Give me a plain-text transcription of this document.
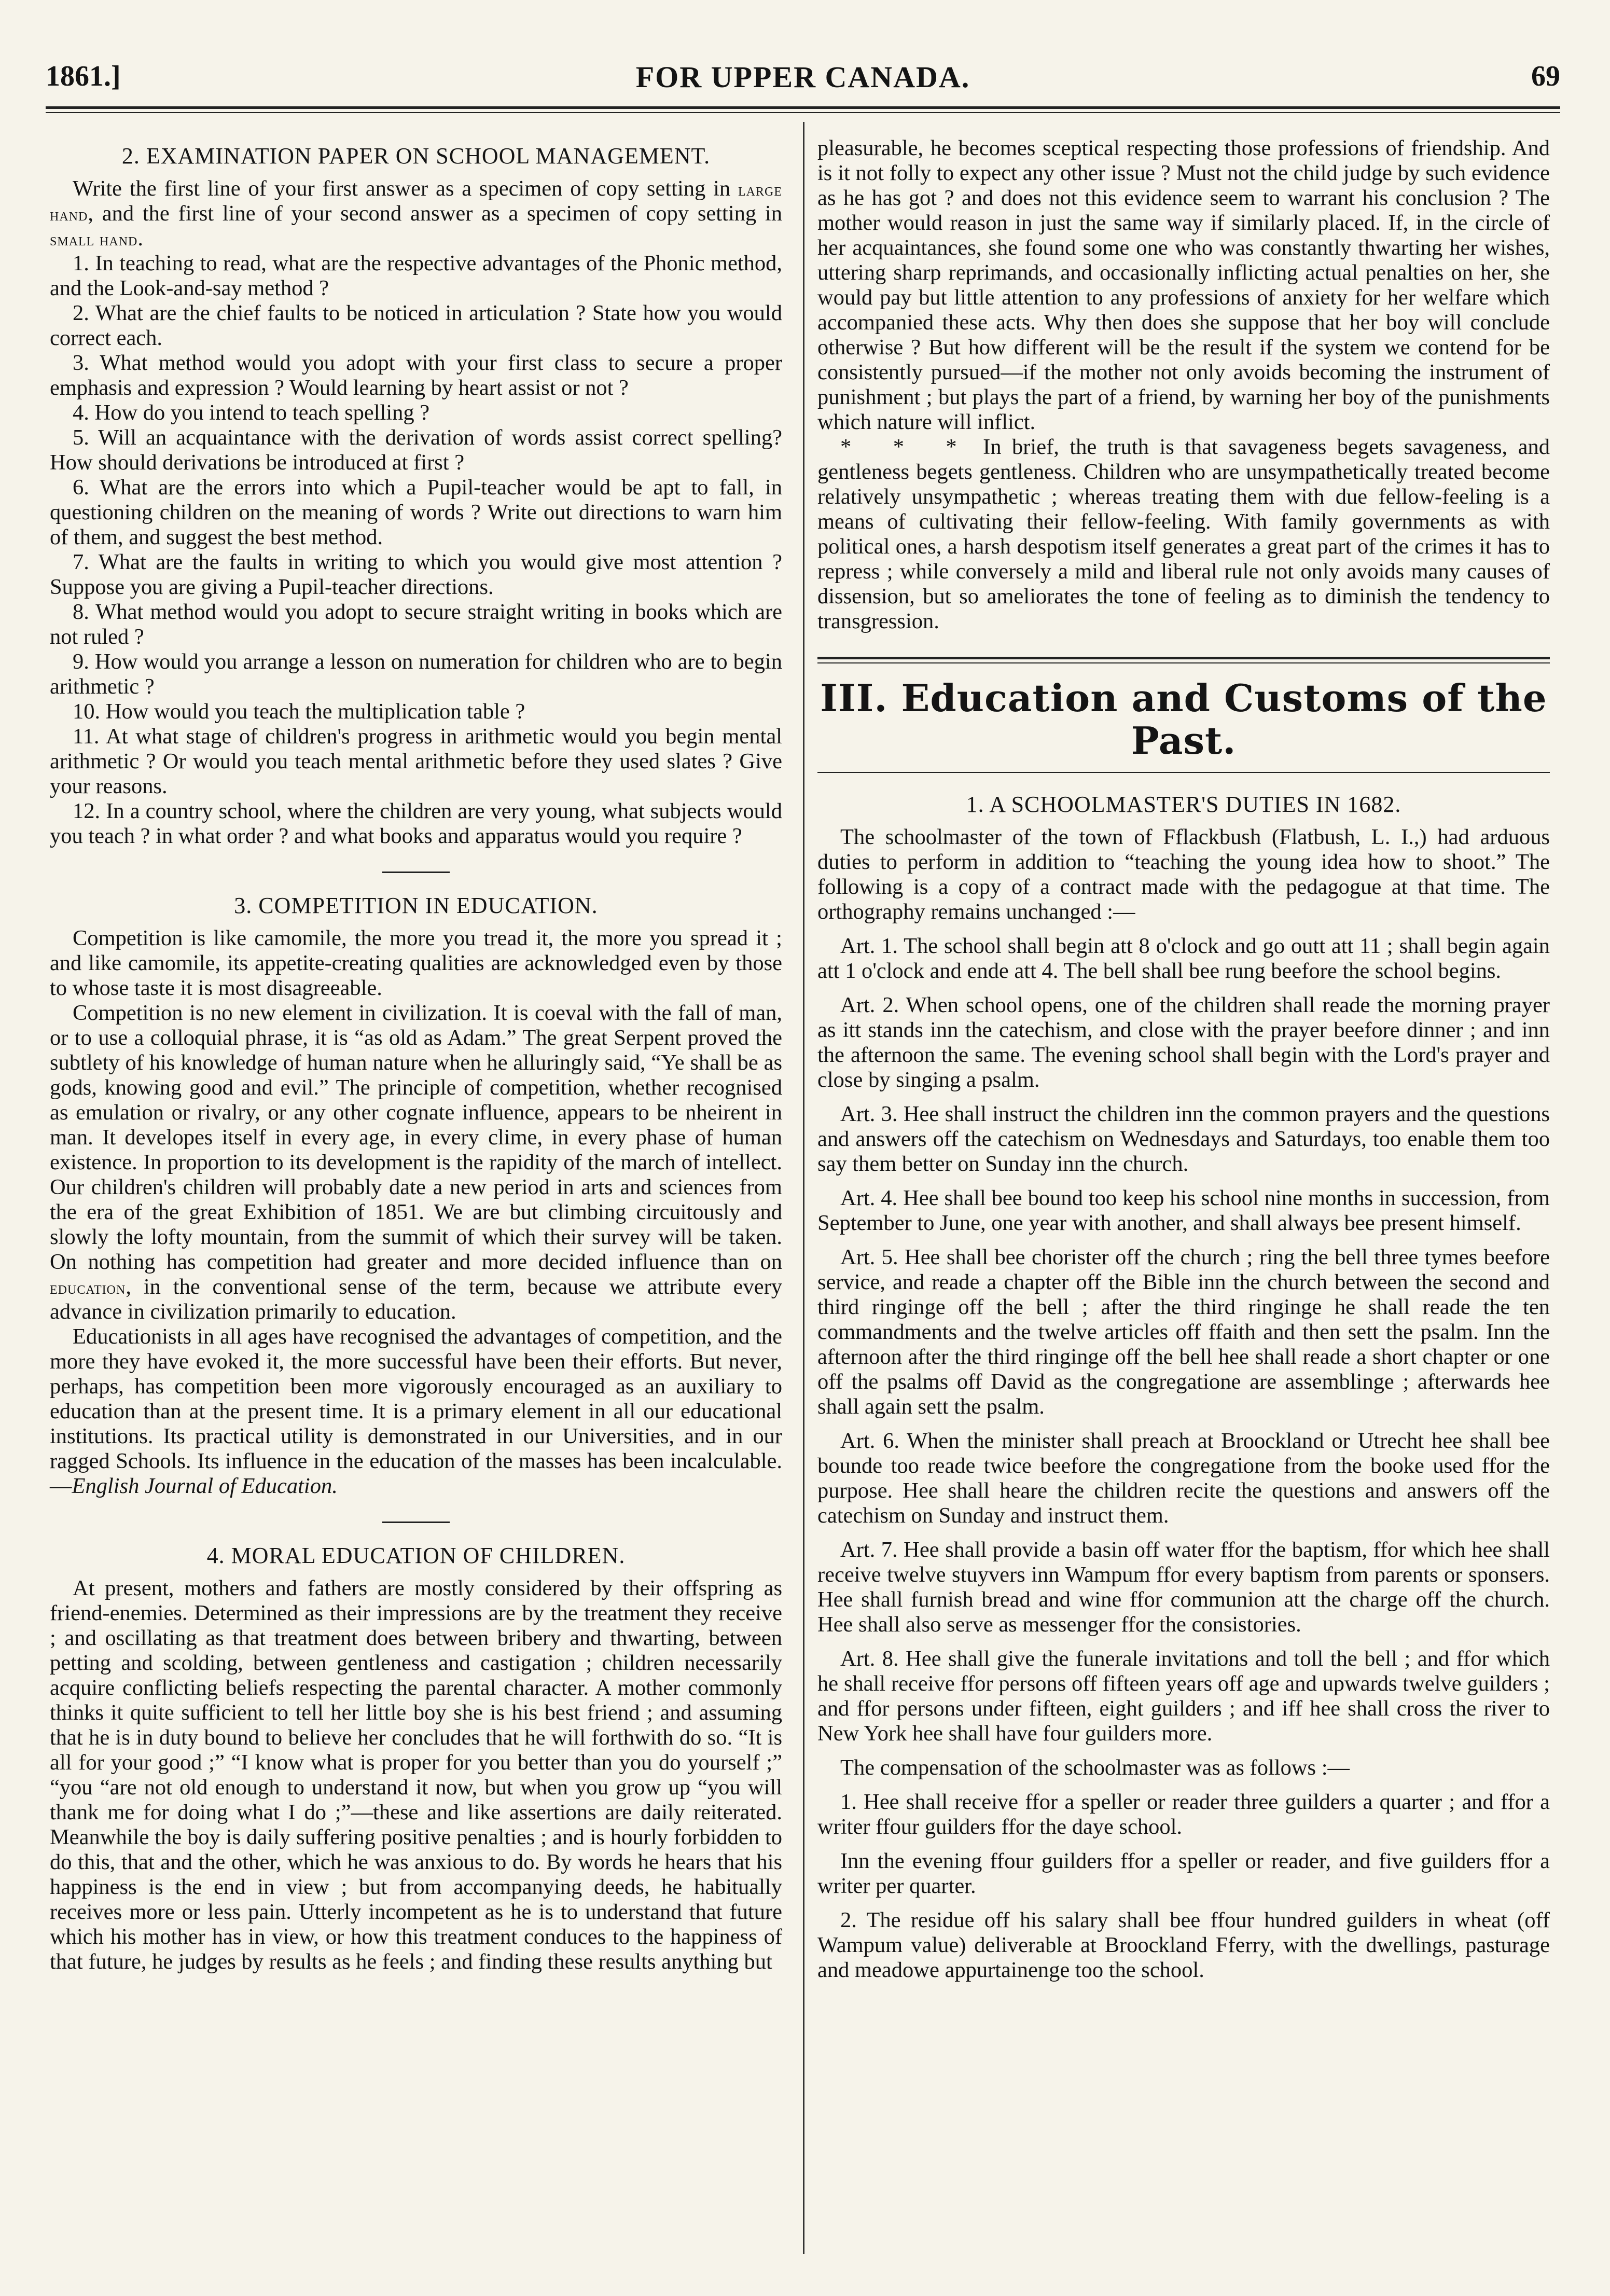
1861.]	FOR UPPER CANADA.	69
2. EXAMINATION PAPER ON SCHOOL MANAGEMENT.

Write the first line of your first answer as a specimen of copy setting in large hand, and the first line of your second answer as a specimen of copy setting in small hand.

1. In teaching to read, what are the respective advantages of the Phonic method, and the Look-and-say method ?

2. What are the chief faults to be noticed in articulation ? State how you would correct each.

3. What method would you adopt with your first class to secure a proper emphasis and expression ? Would learning by heart assist or not ?

4. How do you intend to teach spelling ?

5. Will an acquaintance with the derivation of words assist correct spelling? How should derivations be introduced at first ?

6. What are the errors into which a Pupil-teacher would be apt to fall, in questioning children on the meaning of words ? Write out directions to warn him of them, and suggest the best method.

7. What are the faults in writing to which you would give most attention ? Suppose you are giving a Pupil-teacher directions.

8. What method would you adopt to secure straight writing in books which are not ruled ?

9. How would you arrange a lesson on numeration for children who are to begin arithmetic ?

10. How would you teach the multiplication table ?

11. At what stage of children's progress in arithmetic would you begin mental arithmetic ? Or would you teach mental arithmetic before they used slates ? Give your reasons.

12. In a country school, where the children are very young, what subjects would you teach ? in what order ? and what books and apparatus would you require ?

3. COMPETITION IN EDUCATION.

Competition is like camomile, the more you tread it, the more you spread it ; and like camomile, its appetite-creating qualities are acknowledged even by those to whose taste it is most disagreeable.

Competition is no new element in civilization. It is coeval with the fall of man, or to use a colloquial phrase, it is “as old as Adam.” The great Serpent proved the subtlety of his knowledge of human nature when he alluringly said, “Ye shall be as gods, knowing good and evil.” The principle of competition, whether recognised as emulation or rivalry, or any other cognate influence, appears to be nheirent in man. It developes itself in every age, in every clime, in every phase of human existence. In proportion to its development is the rapidity of the march of intellect. Our children's children will probably date a new period in arts and sciences from the era of the great Exhibition of 1851. We are but climbing circuitously and slowly the lofty mountain, from the summit of which their survey will be taken. On nothing has competition had greater and more decided influence than on education, in the conventional sense of the term, because we attribute every advance in civilization primarily to education.

Educationists in all ages have recognised the advantages of competition, and the more they have evoked it, the more successful have been their efforts. But never, perhaps, has competition been more vigorously encouraged as an auxiliary to education than at the present time. It is a primary element in all our educational institutions. Its practical utility is demonstrated in our Universities, and in our ragged Schools. Its influence in the education of the masses has been incalculable.—English Journal of Education.

4. MORAL EDUCATION OF CHILDREN.

At present, mothers and fathers are mostly considered by their offspring as friend-enemies. Determined as their impressions are by the treatment they receive ; and oscillating as that treatment does between bribery and thwarting, between petting and scolding, between gentleness and castigation ; children necessarily acquire conflicting beliefs respecting the parental character. A mother commonly thinks it quite sufficient to tell her little boy she is his best friend ; and assuming that he is in duty bound to believe her concludes that he will forthwith do so. “It is all for your good ;” “I know what is proper for you better than you do yourself ;” “you “are not old enough to understand it now, but when you grow up “you will thank me for doing what I do ;”—these and like assertions are daily reiterated. Meanwhile the boy is daily suffering positive penalties ; and is hourly forbidden to do this, that and the other, which he was anxious to do. By words he hears that his happiness is the end in view ; but from accompanying deeds, he habitually receives more or less pain. Utterly incompetent as he is to understand that future which his mother has in view, or how this treatment conduces to the happiness of that future, he judges by results as he feels ; and finding these results anything but

pleasurable, he becomes sceptical respecting those professions of friendship. And is it not folly to expect any other issue ? Must not the child judge by such evidence as he has got ? and does not this evidence seem to warrant his conclusion ? The mother would reason in just the same way if similarly placed. If, in the circle of her acquaintances, she found some one who was constantly thwarting her wishes, uttering sharp reprimands, and occasionally inflicting actual penalties on her, she would pay but little attention to any professions of anxiety for her welfare which accompanied these acts. Why then does she suppose that her boy will conclude otherwise ? But how different will be the result if the system we contend for be consistently pursued—if the mother not only avoids becoming the instrument of punishment ; but plays the part of a friend, by warning her boy of the punishments which nature will inflict.

* * * In brief, the truth is that savageness begets savageness, and gentleness begets gentleness. Children who are unsympathetically treated become relatively unsympathetic ; whereas treating them with due fellow-feeling is a means of cultivating their fellow-feeling. With family governments as with political ones, a harsh despotism itself generates a great part of the crimes it has to repress ; while conversely a mild and liberal rule not only avoids many causes of dissension, but so ameliorates the tone of feeling as to diminish the tendency to transgression.

III. Education and Customs of the Past.
1. A SCHOOLMASTER'S DUTIES IN 1682.

The schoolmaster of the town of Fflackbush (Flatbush, L. I.,) had arduous duties to perform in addition to “teaching the young idea how to shoot.” The following is a copy of a contract made with the pedagogue at that time. The orthography remains unchanged :—

Art. 1. The school shall begin att 8 o'clock and go outt att 11 ; shall begin again att 1 o'clock and ende att 4. The bell shall bee rung beefore the school begins.

Art. 2. When school opens, one of the children shall reade the morning prayer as itt stands inn the catechism, and close with the prayer beefore dinner ; and inn the afternoon the same. The evening school shall begin with the Lord's prayer and close by singing a psalm.

Art. 3. Hee shall instruct the children inn the common prayers and the questions and answers off the catechism on Wednesdays and Saturdays, too enable them too say them better on Sunday inn the church.

Art. 4. Hee shall bee bound too keep his school nine months in succession, from September to June, one year with another, and shall always bee present himself.

Art. 5. Hee shall bee chorister off the church ; ring the bell three tymes beefore service, and reade a chapter off the Bible inn the church between the second and third ringinge off the bell ; after the third ringinge he shall reade the ten commandments and the twelve articles off ffaith and then sett the psalm. Inn the afternoon after the third ringinge off the bell hee shall reade a short chapter or one off the psalms off David as the congregatione are assemblinge ; afterwards hee shall again sett the psalm.

Art. 6. When the minister shall preach at Broockland or Utrecht hee shall bee bounde too reade twice beefore the congregatione from the booke used ffor the purpose. Hee shall heare the children recite the questions and answers off the catechism on Sunday and instruct them.

Art. 7. Hee shall provide a basin off water ffor the baptism, ffor which hee shall receive twelve stuyvers inn Wampum ffor every baptism from parents or sponsers. Hee shall furnish bread and wine ffor communion att the charge off the church. Hee shall also serve as messenger ffor the consistories.

Art. 8. Hee shall give the funerale invitations and toll the bell ; and ffor which he shall receive ffor persons off fifteen years off age and upwards twelve guilders ; and ffor persons under fifteen, eight guilders ; and iff hee shall cross the river to New York hee shall have four guilders more.

The compensation of the schoolmaster was as follows :—

1. Hee shall receive ffor a speller or reader three guilders a quarter ; and ffor a writer ffour guilders ffor the daye school.

Inn the evening ffour guilders ffor a speller or reader, and five guilders ffor a writer per quarter.

2. The residue off his salary shall bee ffour hundred guilders in wheat (off Wampum value) deliverable at Broockland Fferry, with the dwellings, pasturage and meadowe appurtainenge too the school.
